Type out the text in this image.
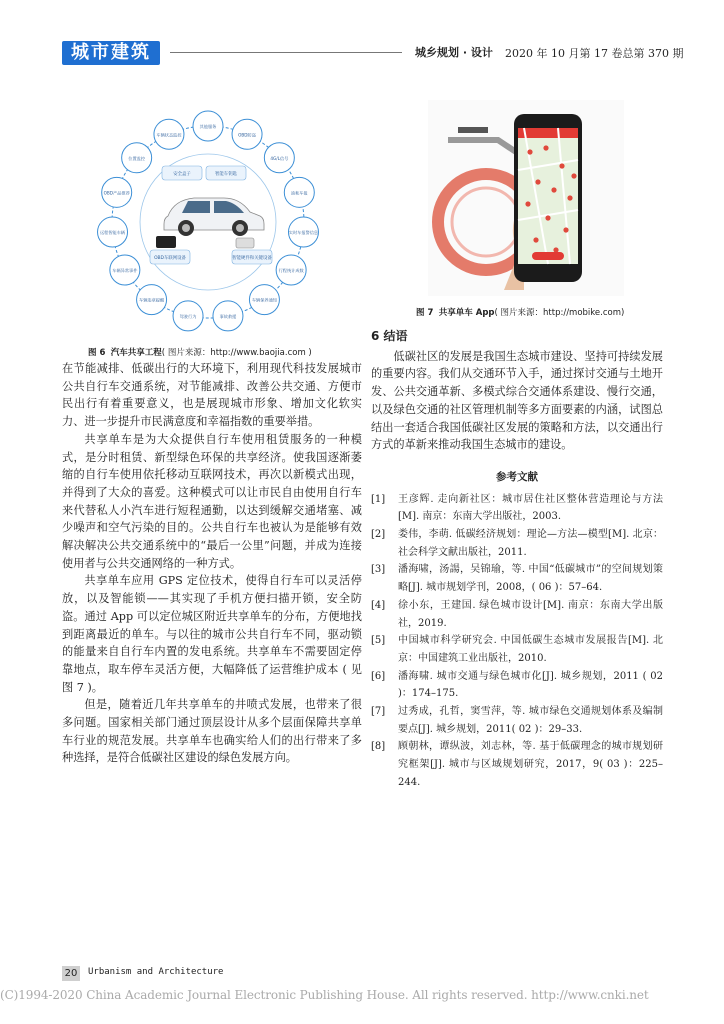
城市建筑	城乡规划 · 设计 2020 年 10 月第 17 卷总第 370 期
其他服务
OBD防盗
4G/L信号
油耗车报
实时车报警信息
行程统计成数
车辆保养通知
事故救援
驾驶行为
车辆违章提醒
车辆异常事件
远程智能车辆
OBD产品推荐
位置监控
车辆状态监控
安全盒子	智能车钥匙
OBD车联网设备	智能硬件和关键设备
图 6 汽车共享工程( 图片来源：http://www.baojia.com )
图 7 共享单车 App( 图片来源：http://mobike.com)

在节能减排、低碳出行的大环境下，利用现代科技发展城市公共自行车交通系统，对节能减排、改善公共交通、方便市民出行有着重要意义，也是展现城市形象、增加文化软实力、进一步提升市民满意度和幸福指数的重要举措。

共享单车是为大众提供自行车使用租赁服务的一种模式，是分时租赁、新型绿色环保的共享经济。使我国逐渐萎缩的自行车使用依托移动互联网技术，再次以新模式出现，并得到了大众的喜爱。这种模式可以让市民自由使用自行车来代替私人小汽车进行短程通勤，以达到缓解交通堵塞、减少噪声和空气污染的目的。公共自行车也被认为是能够有效解决解决公共交通系统中的“最后一公里”问题，并成为连接使用者与公共交通网络的一种方式。

共享单车应用 GPS 定位技术，使得自行车可以灵活停放，以及智能锁——其实现了手机方便扫描开锁，安全防盗。通过 App 可以定位城区附近共享单车的分布，方便地找到距离最近的单车。与以往的城市公共自行车不同，驱动锁的能量来自自行车内置的发电系统。共享单车不需要固定停靠地点，取车停车灵活方便，大幅降低了运营维护成本 ( 见图 7 )。

但是，随着近几年共享单车的井喷式发展，也带来了很多问题。国家相关部门通过顶层设计从多个层面保障共享单车行业的规范发展。共享单车也确实给人们的出行带来了多种选择，是符合低碳社区建设的绿色发展方向。

6 结语

低碳社区的发展是我国生态城市建设、坚持可持续发展的重要内容。我们从交通环节入手，通过探讨交通与土地开发、公共交通革新、多模式综合交通体系建设、慢行交通，以及绿色交通的社区管理机制等多方面要素的内涵，试图总结出一套适合我国低碳社区发展的策略和方法，以交通出行方式的革新来推动我国生态城市的建设。

参考文献

[1] 王彦辉. 走向新社区：城市居住社区整体营造理论与方法[M]. 南京：东南大学出版社，2003.
[2] 娄伟，李萌. 低碳经济规划：理论—方法—模型[M]. 北京：社会科学文献出版社，2011.
[3] 潘海啸，汤諹，吴锦瑜，等. 中国“低碳城市”的空间规划策略[J]. 城市规划学刊，2008，( 06 )：57–64.
[4] 徐小东，王建国. 绿色城市设计[M]. 南京：东南大学出版社，2019.
[5] 中国城市科学研究会. 中国低碳生态城市发展报告[M]. 北京：中国建筑工业出版社，2010.
[6] 潘海啸. 城市交通与绿色城市化[J]. 城乡规划，2011 ( 02 )：174–175.
[7] 过秀成，孔哲，窦雪萍，等. 城市绿色交通规划体系及编制要点[J]. 城乡规划，2011( 02 )：29–33.
[8] 顾朝林，谭纵波，刘志林，等. 基于低碳理念的城市规划研究框架[J]. 城市与区域规划研究，2017，9( 03 )：225–244.
20 Urbanism and Architecture
(C)1994-2020 China Academic Journal Electronic Publishing House. All rights reserved. http://www.cnki.net
